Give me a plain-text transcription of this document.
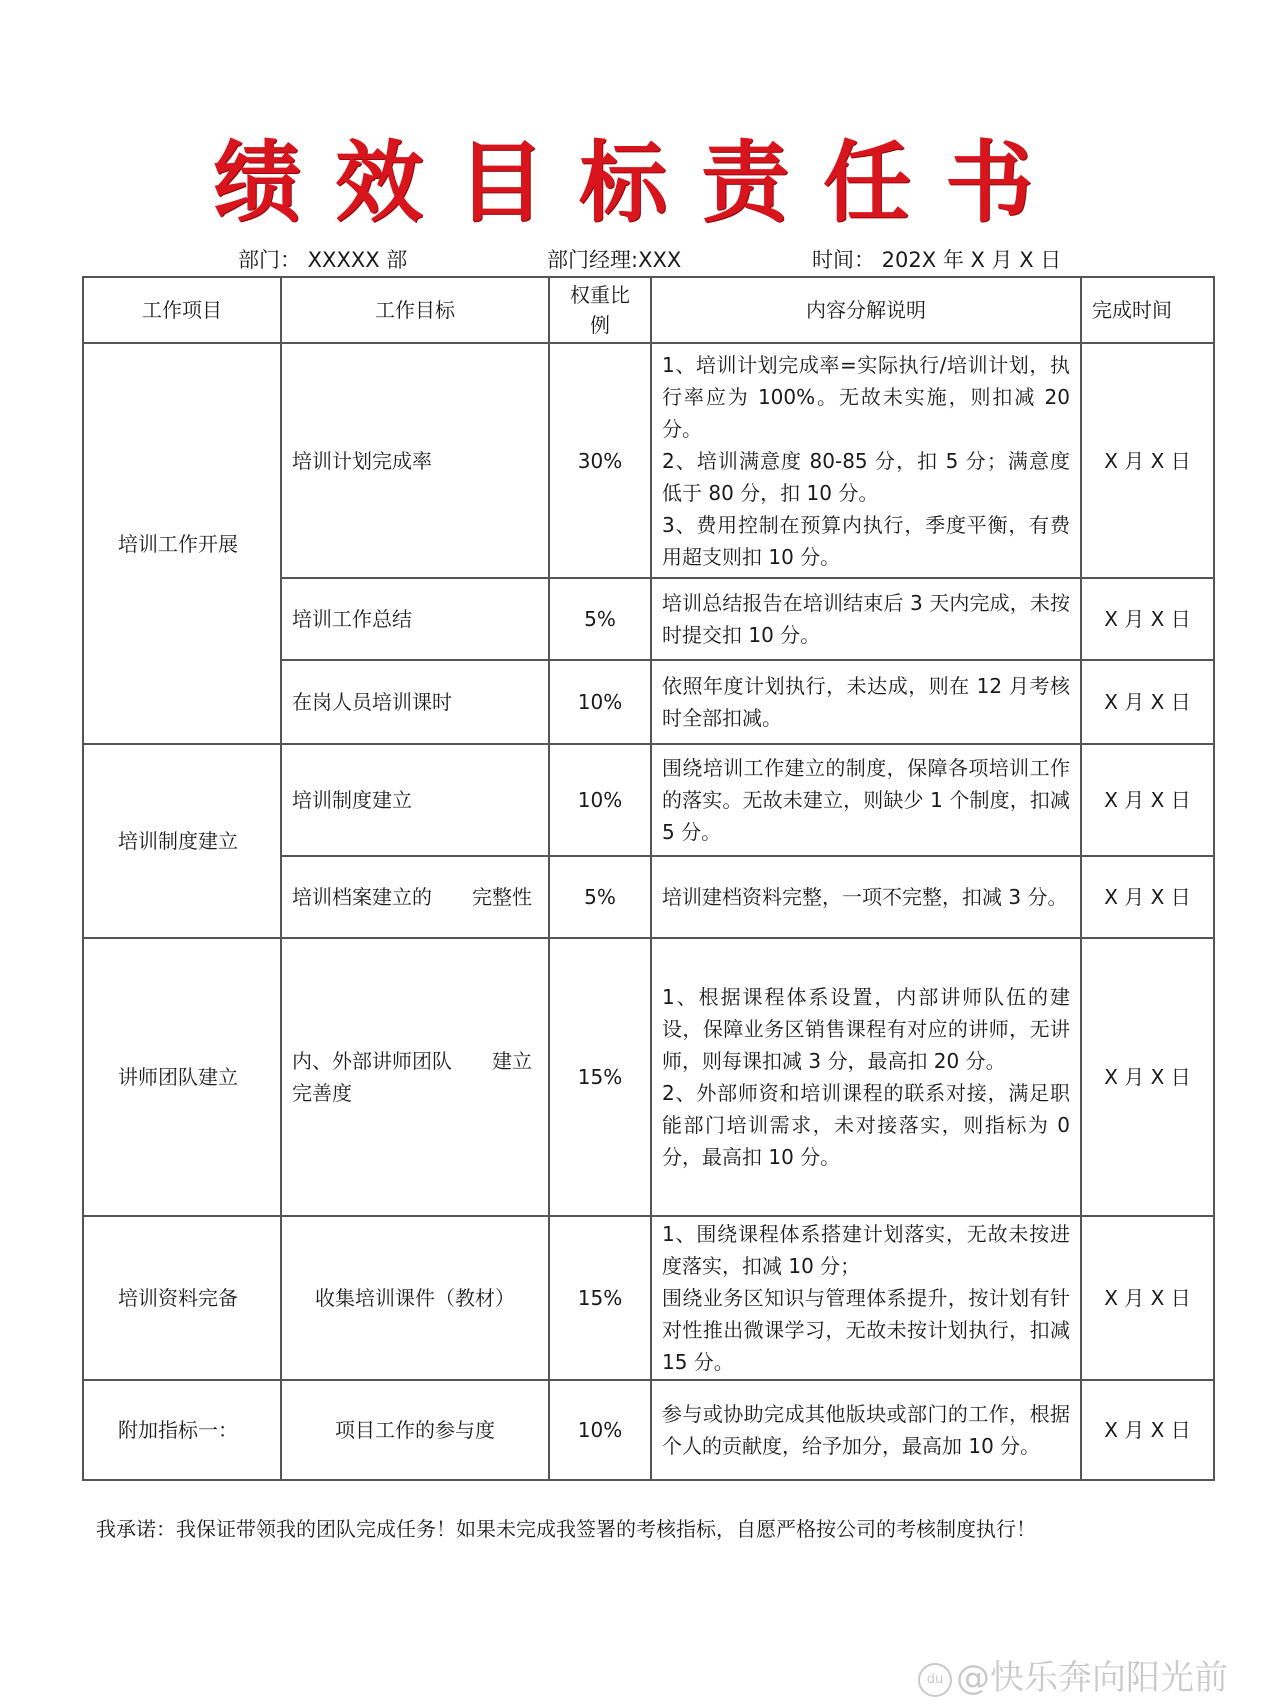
绩效目标责任书
部门： XXXXX 部	部门经理:XXX	时间： 202X 年 X 月 X 日
工作项目	工作目标	权重比例	内容分解说明	完成时间
培训工作开展	培训计划完成率	30%	1、培训计划完成率=实际执行/培训计划，执行率应为 100%。无故未实施，则扣减 20 分。
2、培训满意度 80-85 分，扣 5 分；满意度低于 80 分，扣 10 分。
3、费用控制在预算内执行，季度平衡，有费用超支则扣 10 分。	X 月 X 日
	培训工作总结	5%	培训总结报告在培训结束后 3 天内完成，未按时提交扣 10 分。	X 月 X 日
	在岗人员培训课时	10%	依照年度计划执行，未达成，则在 12 月考核时全部扣减。	X 月 X 日
培训制度建立	培训制度建立	10%	围绕培训工作建立的制度，保障各项培训工作的落实。无故未建立，则缺少 1 个制度，扣减 5 分。	X 月 X 日
	培训档案建立的　　完整性	5%	培训建档资料完整，一项不完整，扣减 3 分。	X 月 X 日
讲师团队建立	内、外部讲师团队　　建立完善度	15%	1、根据课程体系设置，内部讲师队伍的建设，保障业务区销售课程有对应的讲师，无讲师，则每课扣减 3 分，最高扣 20 分。
2、外部师资和培训课程的联系对接，满足职能部门培训需求，未对接落实，则指标为 0 分，最高扣 10 分。	X 月 X 日
培训资料完备	收集培训课件（教材）	15%	1、围绕课程体系搭建计划落实，无故未按进度落实，扣减 10 分；
围绕业务区知识与管理体系提升，按计划有针对性推出微课学习，无故未按计划执行，扣减 15 分。	X 月 X 日
附加指标一：	项目工作的参与度	10%	参与或协助完成其他版块或部门的工作，根据个人的贡献度，给予加分，最高加 10 分。	X 月 X 日
我承诺：我保证带领我的团队完成任务！如果未完成我签署的考核指标，自愿严格按公司的考核制度执行！
du @快乐奔向阳光前
